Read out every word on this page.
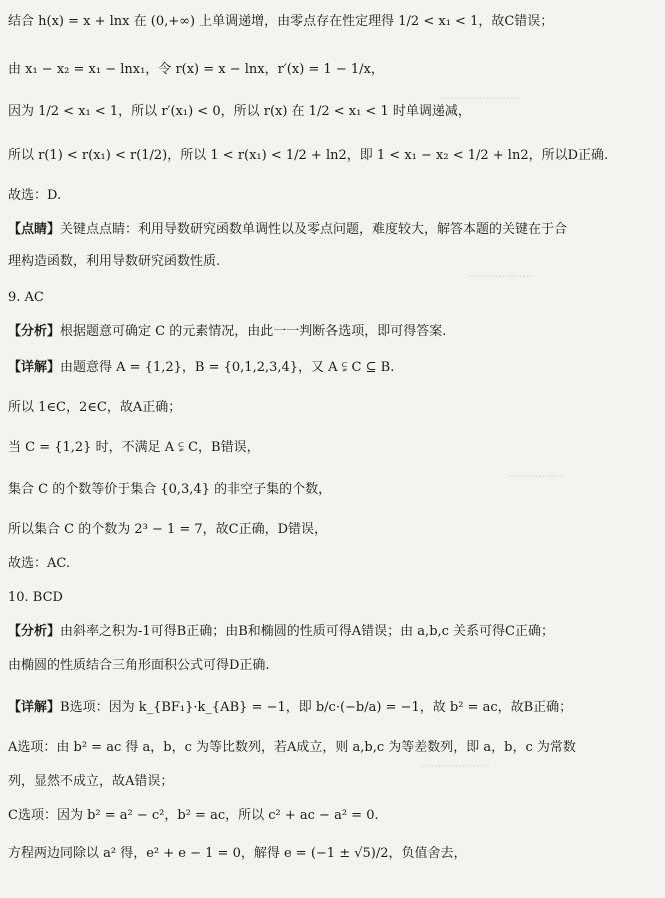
·······················
··················
···············
····················
结合 h(x) = x + lnx 在 (0,+∞) 上单调递增，由零点存在性定理得 1/2 < x₁ < 1，故C错误；
由 x₁ − x₂ = x₁ − lnx₁，令 r(x) = x − lnx，r′(x) = 1 − 1/x，
因为 1/2 < x₁ < 1，所以 r′(x₁) < 0，所以 r(x) 在 1/2 < x₁ < 1 时单调递减，
所以 r(1) < r(x₁) < r(1/2)，所以 1 < r(x₁) < 1/2 + ln2，即 1 < x₁ − x₂ < 1/2 + ln2，所以D正确.
故选：D.
【点睛】关键点点睛：利用导数研究函数单调性以及零点问题，难度较大，解答本题的关键在于合
理构造函数，利用导数研究函数性质.
9. AC
【分析】根据题意可确定 C 的元素情况，由此一一判断各选项，即可得答案.
【详解】由题意得 A = {1,2}，B = {0,1,2,3,4}，又 A ⫋ C ⊆ B.
所以 1∈C，2∈C，故A正确；
当 C = {1,2} 时，不满足 A ⫋ C，B错误，
集合 C 的个数等价于集合 {0,3,4} 的非空子集的个数，
所以集合 C 的个数为 2³ − 1 = 7，故C正确，D错误，
故选：AC.
10. BCD
【分析】由斜率之积为-1可得B正确；由B和椭圆的性质可得A错误；由 a,b,c 关系可得C正确；
由椭圆的性质结合三角形面积公式可得D正确.
【详解】B选项：因为 k_{BF₁}·k_{AB} = −1，即 b/c·(−b/a) = −1，故 b² = ac，故B正确；
A选项：由 b² = ac 得 a，b，c 为等比数列，若A成立，则 a,b,c 为等差数列，即 a，b，c 为常数
列，显然不成立，故A错误；
C选项：因为 b² = a² − c²，b² = ac，所以 c² + ac − a² = 0.
方程两边同除以 a² 得，e² + e − 1 = 0，解得 e = (−1 ± √5)/2，负值舍去，
